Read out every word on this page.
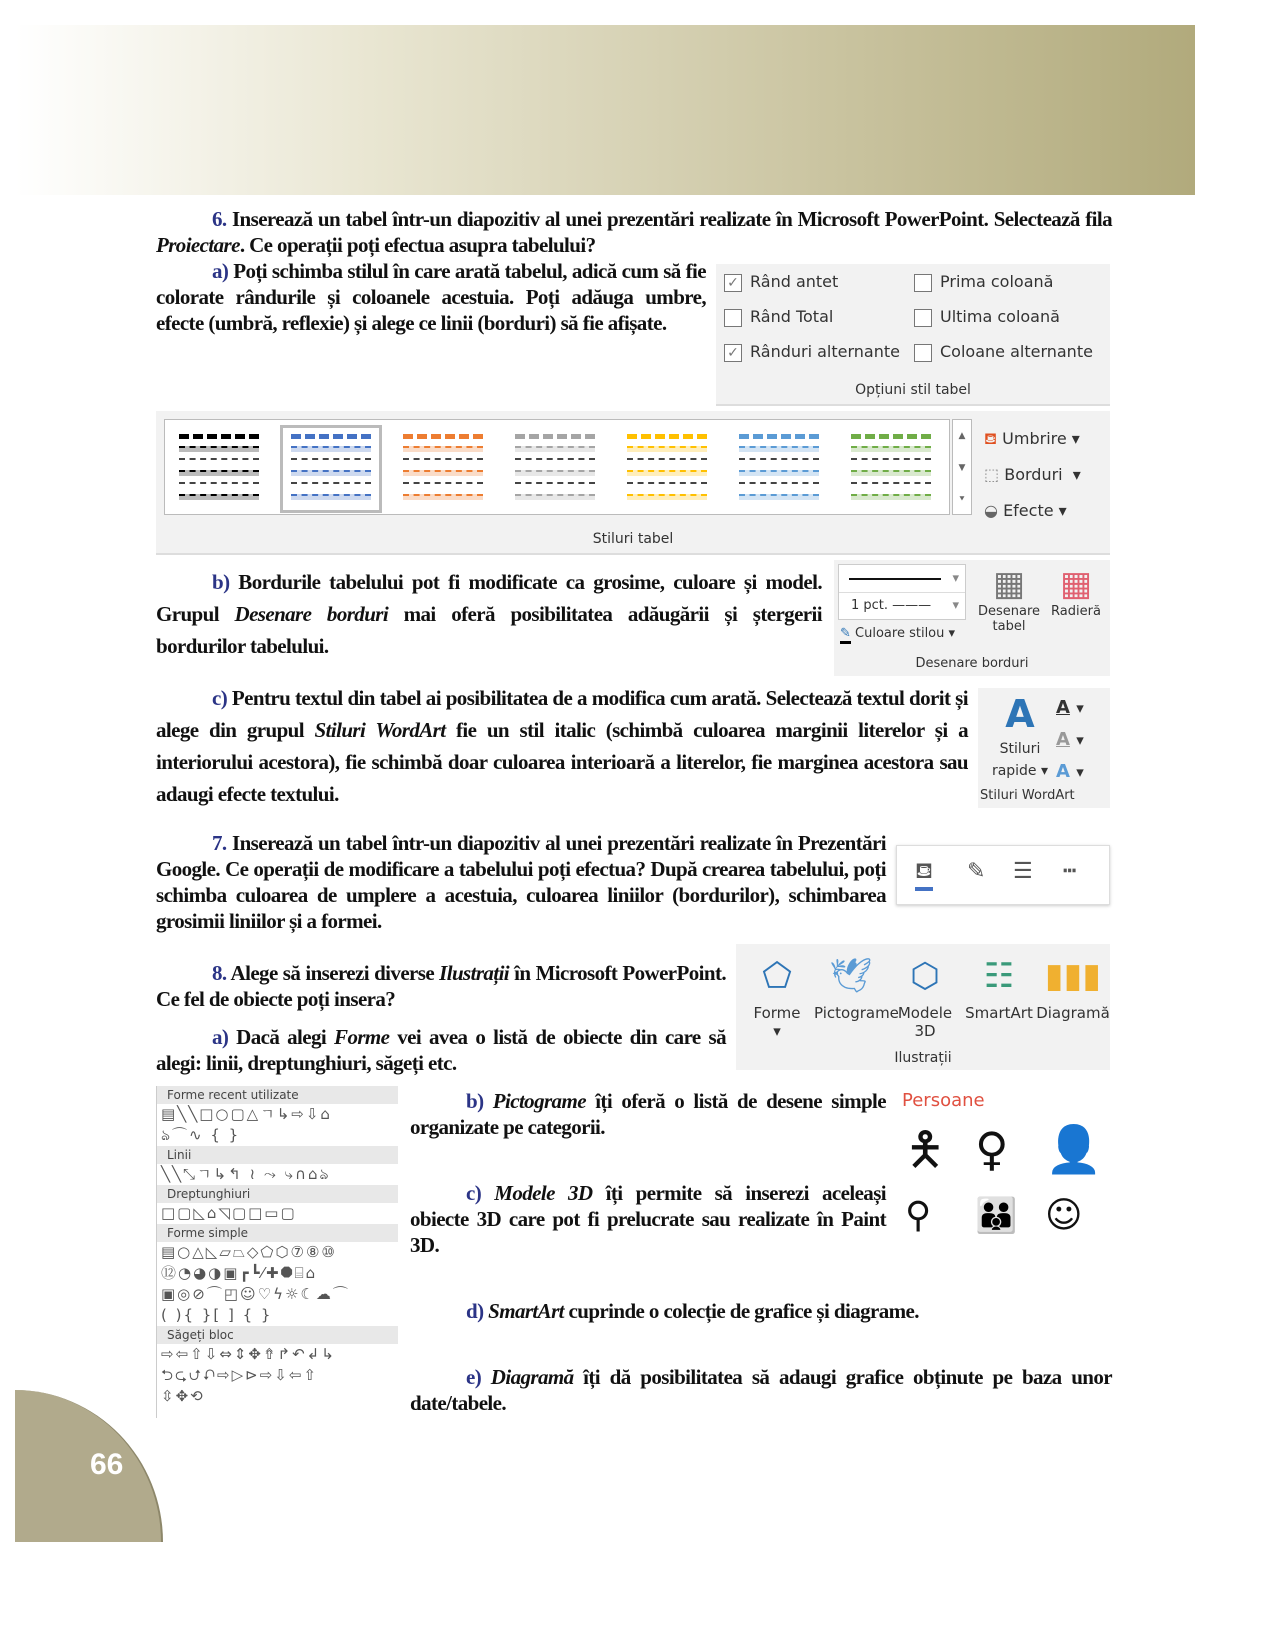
6. Inserează un tabel într-un diapozitiv al unei prezentări realizate în Microsoft PowerPoint. Selectează fila Proiectare. Ce operații poți efectua asupra tabelului?
a) Poți schimba stilul în care arată tabelul, adică cum să fie colorate rândurile și coloanele acestuia. Poți adăuga umbre, efecte (umbră, reflexie) și alege ce linii (borduri) să fie afișate.
✓ Rând antet	Prima coloană
Rând Total	Ultima coloană
✓ Rânduri alternante	Coloane alternante
Opțiuni stil tabel
▲
▼
⯆
⛾ Umbrire ▾
⬚ Borduri  ▾
◒ Efecte ▾
Stiluri tabel
b) Bordurile tabelului pot fi modificate ca grosime, culoare și model. Grupul Desenare borduri mai oferă posibilitatea adăugării și ștergerii bordurilor tabelului.
▾
1 pct. ——— ▾
✎ Culoare stilou ▾
▦
Desenare tabel
▦
Radieră
Desenare borduri
c) Pentru textul din tabel ai posibilitatea de a modifica cum arată. Selectează textul dorit și alege din grupul Stiluri WordArt fie un stil italic (schimbă culoarea marginii literelor și a interiorului acestora), fie schimbă doar culoarea interioară a literelor, fie marginea acestora sau adaugi efecte textului.
A
Stiluri rapide ▾
A ▾
A ▾
A ▾
Stiluri WordArt
7. Inserează un tabel într-un diapozitiv al unei prezentări realizate în Prezentări Google. Ce operații de modificare a tabelului poți efectua? După crearea tabelului, poți schimba culoarea de umplere a acestuia, culoarea liniilor (bordurilor), schimbarea grosimii liniilor și a formei.
⛾ ✎ ☰ ┅
8. Alege să inserezi diverse Ilustrații în Microsoft PowerPoint. Ce fel de obiecte poți insera?
a) Dacă alegi Forme vei avea o listă de obiecte din care să alegi: linii, dreptunghiuri, săgeți etc.
⬠
Forme
▾
🕊
Pictograme
⬡
Modele 3D
☷
SmartArt
▮▮▮
Diagramă
Ilustrații
Forme recent utilizate
▤╲╲□○▢△ㄱ↳⇨⇩⌂
ঌ⌒∿ { }
Linii
╲╲⤡ㄱ↳↰ ≀ ⤳ ⤷∩⌂ঌ
Dreptunghiuri
□▢◺⌂◹▢□▭▢
Forme simple
▤○△◺▱⏢◇⬠⬡⑦⑧⑩
⑫◔◕◑▣┏┗⁄✚⯃⌸⌂
▣◎⊘⌒◰☺♡ϟ☼☾☁⌒
( ){ }[ ] { }
Săgeți bloc
⇨⇦⇧⇩⇔⇕✥⇮↱↶↲↳
⮌⮎⮍⮏⇨▷⊳⇨⇩⇦⇧
⇳✥⟲
b) Pictograme îți oferă o listă de desene simple organizate pe categorii.
c) Modele 3D îți permite să inserezi aceleași obiecte 3D care pot fi prelucrate sau realizate în Paint 3D.
d) SmartArt cuprinde o colecție de grafice și diagrame.
e) Diagramă îți dă posibilitatea să adaugi grafice obținute pe baza unor date/tabele.
Persoane
🯅 ♀ 👤
⚲ 👪 ☺
66
